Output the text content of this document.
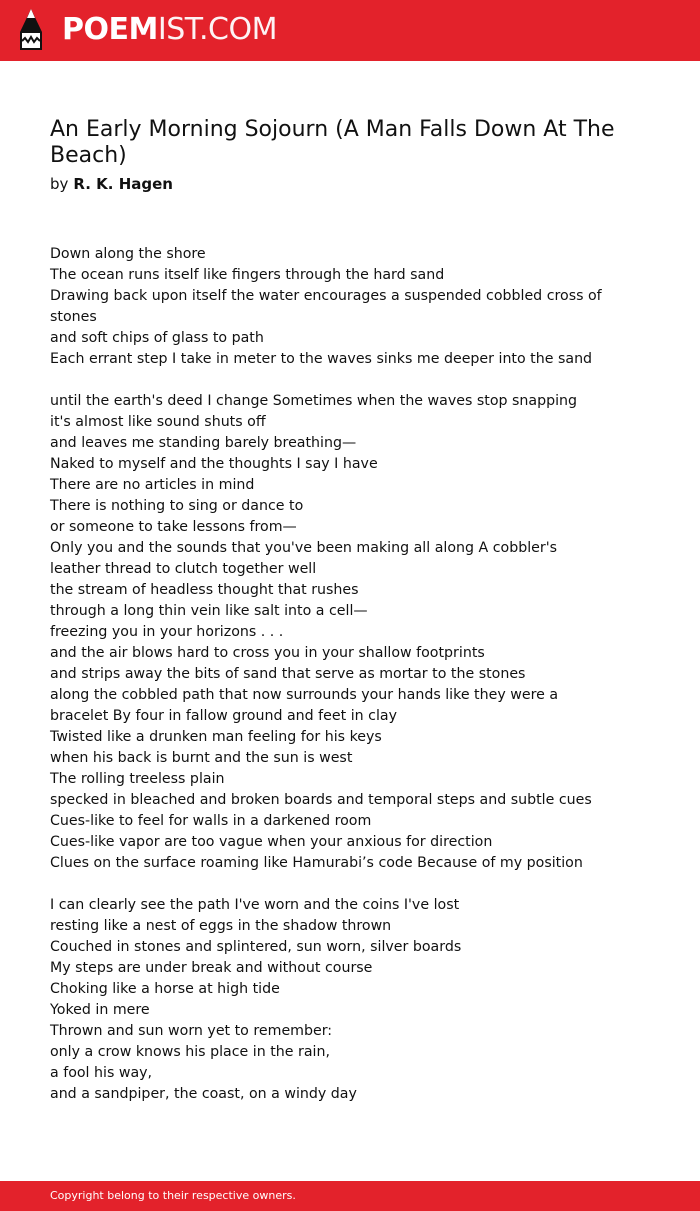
POEMIST.COM
An Early Morning Sojourn (A Man Falls Down At The Beach)
by R. K. Hagen
Down along the shore
The ocean runs itself like fingers through the hard sand
Drawing back upon itself the water encourages a suspended cobbled cross of
stones
and soft chips of glass to path
Each errant step I take in meter to the waves sinks me deeper into the sand
until the earth's deed I change Sometimes when the waves stop snapping
it's almost like sound shuts off
and leaves me standing barely breathing—
Naked to myself and the thoughts I say I have
There are no articles in mind
There is nothing to sing or dance to
or someone to take lessons from—
Only you and the sounds that you've been making all along A cobbler's
leather thread to clutch together well
the stream of headless thought that rushes
through a long thin vein like salt into a cell—
freezing you in your horizons . . .
and the air blows hard to cross you in your shallow footprints
and strips away the bits of sand that serve as mortar to the stones
along the cobbled path that now surrounds your hands like they were a
bracelet By four in fallow ground and feet in clay
Twisted like a drunken man feeling for his keys
when his back is burnt and the sun is west
The rolling treeless plain
specked in bleached and broken boards and temporal steps and subtle cues
Cues-like to feel for walls in a darkened room
Cues-like vapor are too vague when your anxious for direction
Clues on the surface roaming like Hamurabi’s code Because of my position
I can clearly see the path I've worn and the coins I've lost
resting like a nest of eggs in the shadow thrown
Couched in stones and splintered, sun worn, silver boards
My steps are under break and without course
Choking like a horse at high tide
Yoked in mere
Thrown and sun worn yet to remember:
only a crow knows his place in the rain,
a fool his way,
and a sandpiper, the coast, on a windy day
Copyright belong to their respective owners.
